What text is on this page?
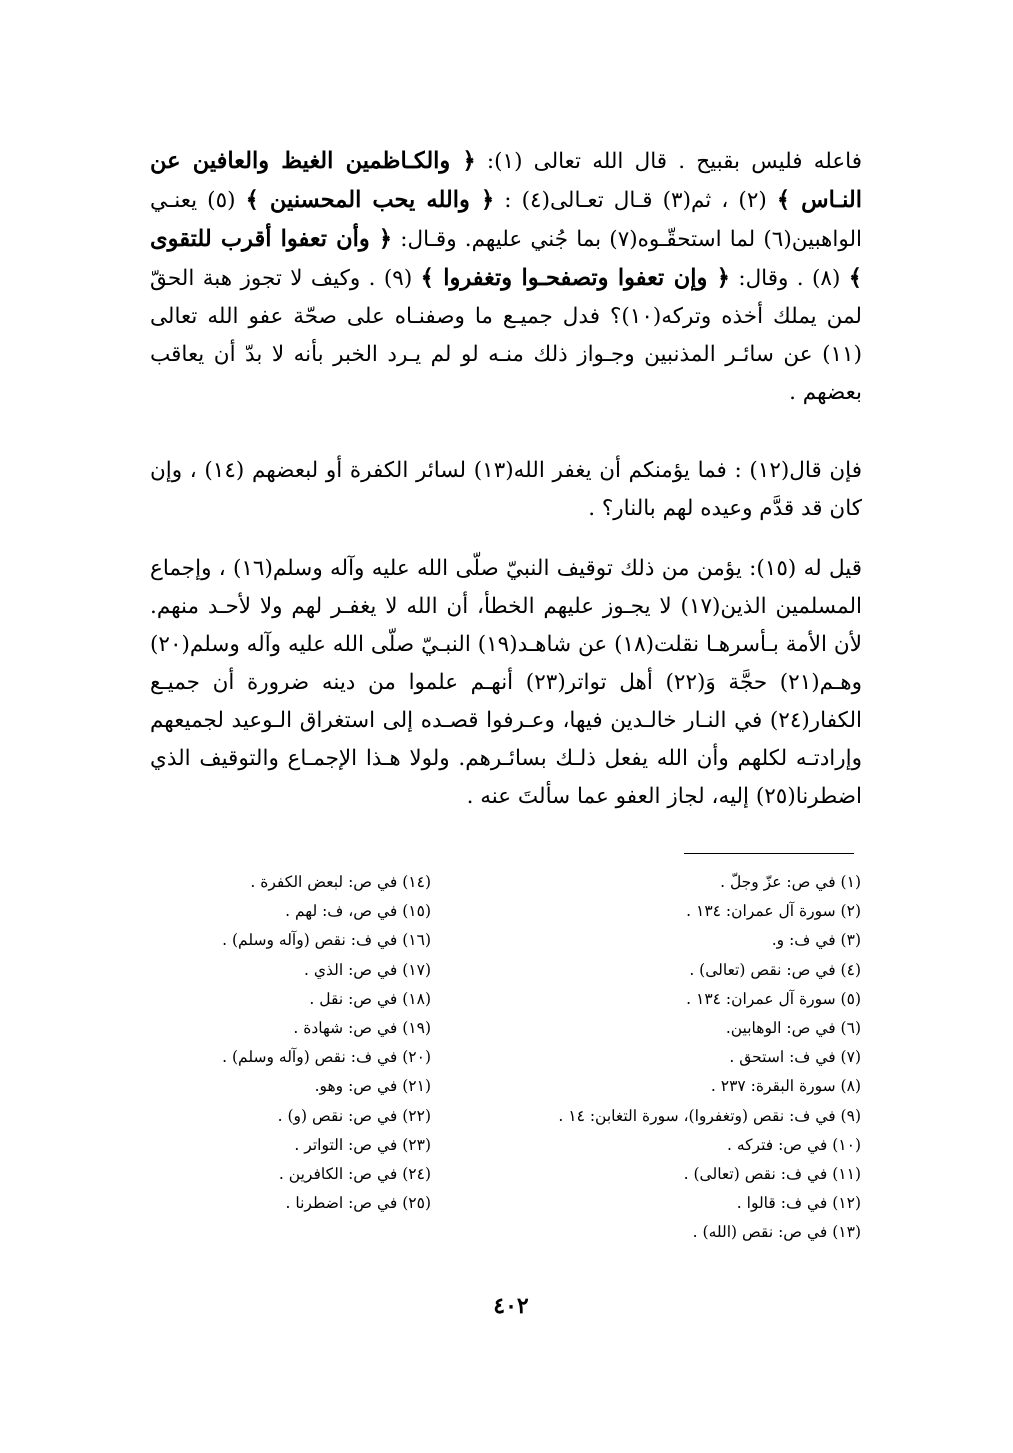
فاعله فليس بقبيح . قال الله تعالى (١): ﴿ والكـاظمين الغيظ والعافين عن النـاس ﴾ (٢) ، ثم(٣) قـال تعـالى(٤) : ﴿ والله يحب المحسنين ﴾ (٥) يعنـي الواهبين(٦) لما استحقّـوه(٧) بما جُني عليهم. وقـال: ﴿ وأن تعفوا أقرب للتقوى ﴾ (٨) . وقال: ﴿ وإن تعفوا وتصفحـوا وتغفروا ﴾ (٩) . وكيف لا تجوز هبة الحقّ لمن يملك أخذه وتركه(١٠)؟ فدل جميـع ما وصفنـاه على صحّة عفو الله تعالى (١١) عن سائـر المذنبين وجـواز ذلك منـه لو لم يـرد الخبر بأنه لا بدّ أن يعاقب بعضهم .

فإن قال(١٢) : فما يؤمنكم أن يغفر الله(١٣) لسائر الكفرة أو لبعضهم (١٤) ، وإن كان قد قدَّم وعيده لهم بالنار؟ .

قيل له (١٥): يؤمن من ذلك توقيف النبيّ صلّى الله عليه وآله وسلم(١٦) ، وإجماع المسلمين الذين(١٧) لا يجـوز عليهم الخطأ، أن الله لا يغفـر لهم ولا لأحـد منهم. لأن الأمة بـأسرهـا نقلت(١٨) عن شاهـد(١٩) النبـيّ صلّى الله عليه وآله وسلم(٢٠) وهـم(٢١) حجَّة وَ(٢٢) أهل تواتر(٢٣) أنهـم علموا من دينه ضرورة أن جميـع الكفار(٢٤) في النـار خالـدين فيها، وعـرفوا قصـده إلى استغراق الـوعيد لجميعهم وإرادتـه لكلهم وأن الله يفعل ذلـك بسائـرهم. ولولا هـذا الإجمـاع والتوقيف الذي اضطرنا(٢٥) إليه، لجاز العفو عما سألتَ عنه .

(١) في ص: عزّ وجلّ .
(٢) سورة آل عمران: ١٣٤ .
(٣) في ف: و.
(٤) في ص: نقص (تعالى) .
(٥) سورة آل عمران: ١٣٤ .
(٦) في ص: الوهابين.
(٧) في ف: استحق .
(٨) سورة البقرة: ٢٣٧ .
(٩) في ف: نقص (وتغفروا)، سورة التغابن: ١٤ .
(١٠) في ص: فتركه .
(١١) في ف: نقص (تعالى) .
(١٢) في ف: قالوا .
(١٣) في ص: نقص (الله) .
(١٤) في ص: لبعض الكفرة .
(١٥) في ص، ف: لهم .
(١٦) في ف: نقص (وآله وسلم) .
(١٧) في ص: الذي .
(١٨) في ص: نقل .
(١٩) في ص: شهادة .
(٢٠) في ف: نقص (وآله وسلم) .
(٢١) في ص: وهو.
(٢٢) في ص: نقص (و) .
(٢٣) في ص: التواتر .
(٢٤) في ص: الكافرين .
(٢٥) في ص: اضطرنا .
٤٠٢
